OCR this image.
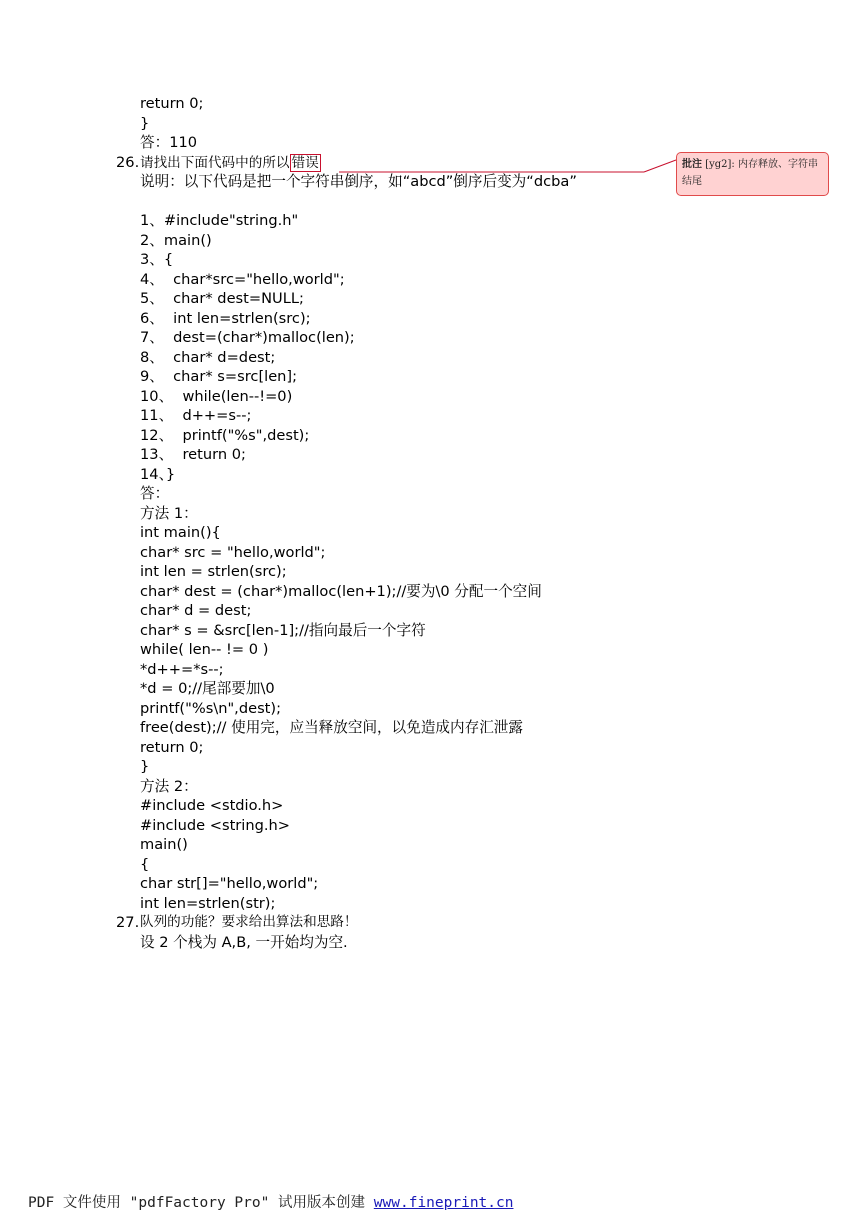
return 0;
}
答：110
26. 请找出下面代码中的所以 错误
说明：以下代码是把一个字符串倒序，如“abcd”倒序后变为“dcba”
1、#include"string.h"
2、main()
3、{
4、  char*src="hello,world";
5、  char* dest=NULL;
6、  int len=strlen(src);
7、  dest=(char*)malloc(len);
8、  char* d=dest;
9、  char* s=src[len];
10、  while(len--!=0)
11、  d++=s--;
12、  printf("%s",dest);
13、  return 0;
14、}
答：
方法 1：
int main(){
char* src = "hello,world";
int len = strlen(src);
char* dest = (char*)malloc(len+1);//要为\0 分配一个空间
char* d = dest;
char* s = &src[len-1];//指向最后一个字符
while( len-- != 0 )
*d++=*s--;
*d = 0;//尾部要加\0
printf("%s\n",dest);
free(dest);// 使用完，应当释放空间，以免造成内存汇泄露
return 0;
}
方法 2：
#include <stdio.h>
#include <string.h>
main()
{
char str[]="hello,world";
int len=strlen(str);
27. 队列的功能？要求给出算法和思路！
设 2 个栈为 A,B, 一开始均为空.
批注 [yg2]: 内存释放、字符串结尾
PDF 文件使用 "pdfFactory Pro" 试用版本创建 www.fineprint.cn
